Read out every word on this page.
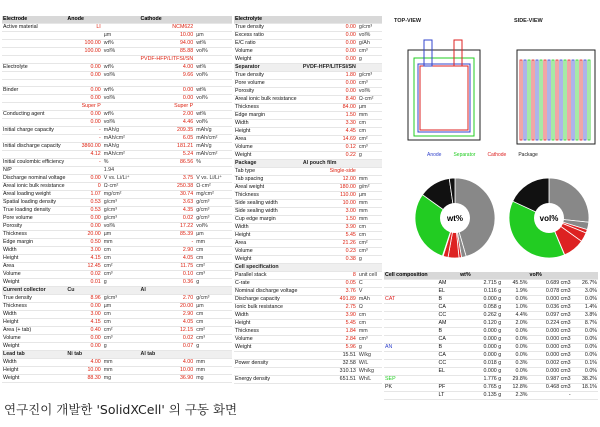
Electrode	Anode		Cathode	
Active material	LI		NCM622	
		µm	10.00	µm
	100.00	wt%	94.00	wt%
	100.00	vol%	85.88	vol%
			PVDF-HFP/LITFSI/SN	
Electrolyte	0.00	wt%	4.00	wt%
	0.00	vol%	9.66	vol%

Binder	0.00	wt%	0.00	wt%
	0.00	vol%	0.00	vol%
	Super P		Super P	
Conducting agent	0.00	wt%	2.00	wt%
	0.00	vol%	4.46	vol%
Initial charge capacity	-	mAh/g	209.35	mAh/g
	-	mAh/cm²	6.05	mAh/cm²
Initial discharge capacity	3860.00	mAh/g	181.21	mAh/g
	4.12	mAh/cm²	5.24	mAh/cm²
Initial coulombic efficiency	-	%	86.56	%
N/P		1.94		
Discharge nominal voltage	0.00	V vs. Li/Li⁺	3.75	V vs. Li/Li⁺
Areal ionic bulk resistance	0	Ω·cm²	250.38	Ω·cm²
Areal loading weight	1.07	mg/cm²	30.74	mg/cm²
Spatial loading density	0.53	g/cm³	3.63	g/cm³
True loading density	0.53	g/cm³	4.35	g/cm³
Pore volume	0.00	g/cm³	0.02	g/cm³
Porosity	0.00	vol%	17.22	vol%
Thickness	20.00	µm	85.39	µm
Edge margin	0.50	mm	-	mm
Width	3.00	cm	2.90	cm
Height	4.15	cm	4.05	cm
Area	12.45	cm²	11.75	cm²
Volume	0.02	cm³	0.10	cm³
Weight	0.01	g	0.36	g
Current collector	Cu		Al	
True density	8.96	g/cm³	2.70	g/cm³
Thickness	0.00	µm	20.00	µm
Width	3.00	cm	2.90	cm
Height	4.15	cm	4.05	cm
Area (+ tab)	0.40	cm²	12.15	cm²
Volume	0.00	cm³	0.02	cm³
Weight	0.00	g	0.07	g
Lead tab	Ni tab		Al tab	
Width	4.00	mm	4.00	mm
Height	10.00	mm	10.00	mm
Weight	88.30	mg	36.90	mg
Electrolyte		
True density	0.00	g/cm³
Excess ratio	0.00	vol%
E/C ratio	0.00	g/Ah
Volume	0.00	cm³
Weight	0.00	g
Separator	PVDF-HFP/LITFSI/SN	
True density	1.80	g/cm³
Pore volume	0.00	cm³
Porosity	0.00	vol%
Areal ionic bulk resistance	8.40	Ω·cm²
Thickness	84.00	µm
Edge margin	1.50	mm
Width	3.30	cm
Height	4.45	cm
Area	14.69	cm²
Volume	0.12	cm³
Weight	0.22	g
Package	Al pouch film	
Tab type	Single-side	
Tab spacing	12.00	mm
Areal weight	180.00	g/m²
Thickness	110.00	µm
Side sealing width	10.00	mm
Side sealing width	3.00	mm
Cup edge margin	1.50	mm
Width	3.90	cm
Height	5.45	cm
Area	21.26	cm²
Volume	0.23	cm³
Weight	0.38	g
Cell specification		
Parallel stack	8	unit cell
C-rate	0.05	C
Nominal discharge voltage	3.76	V
Discharge capacity	491.89	mAh
Ionic bulk resistance	2.75	Ω
Width	3.90	cm
Height	5.45	cm
Thickness	1.84	mm
Volume	2.84	cm³
Weight	5.96	g
	15.51	W/kg
Power density	32.58	W/L
	310.13	Wh/kg
Energy density	651.51	Wh/L
TOP-VIEW	SIDE-VIEW
Anode Separator Cathode Package
wt%	vol%
Cell composition		wt%		vol%	
	AM	2.715 g	45.5%	0.689 cm3	26.7%
	EL	0.116 g	1.9%	0.078 cm3	3.0%
CAT	B	0.000 g	0.0%	0.000 cm3	0.0%
	CA	0.058 g	1.0%	0.036 cm3	1.4%
	CC	0.262 g	4.4%	0.097 cm3	3.8%
	AM	0.120 g	2.0%	0.224 cm3	8.7%
	B	0.000 g	0.0%	0.000 cm3	0.0%
	CA	0.000 g	0.0%	0.000 cm3	0.0%
AN	B	0.000 g	0.0%	0.000 cm3	0.0%
	CA	0.000 g	0.0%	0.000 cm3	0.0%
	CC	0.018 g	0.3%	0.002 cm3	0.1%
	EL	0.000 g	0.0%	0.000 cm3	0.0%
SEP		1.776 g	29.8%	0.987 cm3	38.2%
PK	PF	0.765 g	12.8%	0.468 cm3	18.1%
	LT	0.135 g	2.3%	-	
연구진이 개발한 'SolidXCell' 의 구동 화면
